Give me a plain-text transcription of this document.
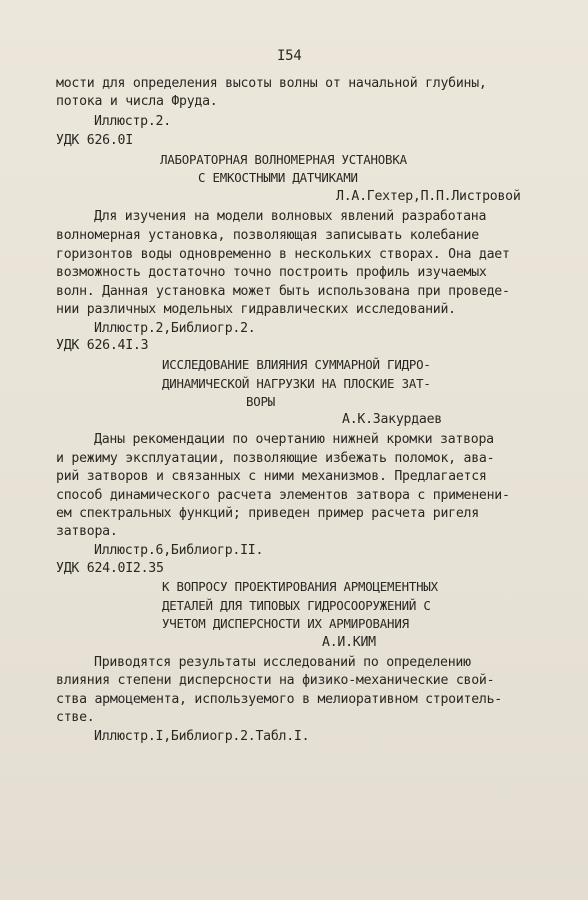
I54
мости для определения высоты волны от начальной глубины,
потока и числа Фруда.
Иллюстр.2.
УДК 626.0I
ЛАБОРАТОРНАЯ ВОЛНОМЕРНАЯ УСТАНОВКА
С ЕМКОСТНЫМИ ДАТЧИКАМИ
Л.А.Гехтер,П.П.Листровой
Для изучения на модели волновых явлений разработана
волномерная установка, позволяющая записывать колебание
горизонтов воды одновременно в нескольких створах. Она дает
возможность достаточно точно построить профиль изучаемых
волн. Данная установка может быть использована при проведе-
нии различных модельных гидравлических исследований.
Иллюстр.2,Библиогр.2.
УДК 626.4I.3
ИССЛЕДОВАНИЕ ВЛИЯНИЯ СУММАРНОЙ ГИДРО-
ДИНАМИЧЕСКОЙ НАГРУЗКИ НА ПЛОСКИЕ ЗАТ-
ВОРЫ
А.К.Закурдаев
Даны рекомендации по очертанию нижней кромки затвора
и режиму эксплуатации, позволяющие избежать поломок, ава-
рий затворов и связанных с ними механизмов. Предлагается
способ динамического расчета элементов затвора с применени-
ем спектральных функций; приведен пример расчета ригеля
затвора.
Иллюстр.6,Библиогр.II.
УДК 624.0I2.35
К ВОПРОСУ ПРОЕКТИРОВАНИЯ АРМОЦЕМЕНТНЫХ
ДЕТАЛЕЙ ДЛЯ ТИПОВЫХ ГИДРОСООРУЖЕНИЙ С
УЧЕТОМ ДИСПЕРСНОСТИ ИХ АРМИРОВАНИЯ
А.И.КИМ
Приводятся результаты исследований по определению
влияния степени дисперсности на физико-механические свой-
ства армоцемента, используемого в мелиоративном строитель-
стве.
Иллюстр.I,Библиогр.2.Табл.I.
